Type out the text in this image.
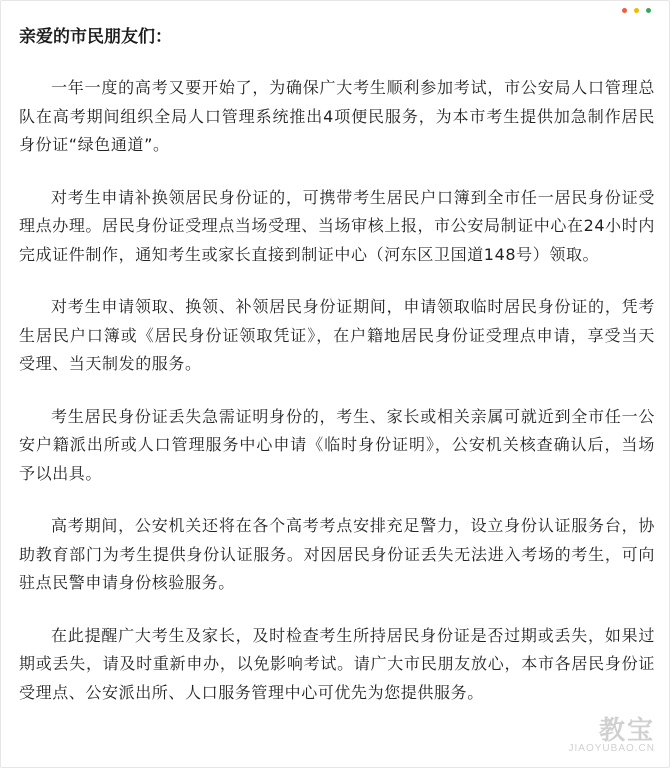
亲爱的市民朋友们：

一年一度的高考又要开始了，为确保广大考生顺利参加考试，市公安局人口管理总队在高考期间组织全局人口管理系统推出4项便民服务，为本市考生提供加急制作居民身份证“绿色通道”。

对考生申请补换领居民身份证的，可携带考生居民户口簿到全市任一居民身份证受理点办理。居民身份证受理点当场受理、当场审核上报，市公安局制证中心在24小时内完成证件制作，通知考生或家长直接到制证中心（河东区卫国道148号）领取。

对考生申请领取、换领、补领居民身份证期间，申请领取临时居民身份证的，凭考生居民户口簿或《居民身份证领取凭证》，在户籍地居民身份证受理点申请，享受当天受理、当天制发的服务。

考生居民身份证丢失急需证明身份的，考生、家长或相关亲属可就近到全市任一公安户籍派出所或人口管理服务中心申请《临时身份证明》，公安机关核查确认后，当场予以出具。

高考期间，公安机关还将在各个高考考点安排充足警力，设立身份认证服务台，协助教育部门为考生提供身份认证服务。对因居民身份证丢失无法进入考场的考生，可向驻点民警申请身份核验服务。

在此提醒广大考生及家长，及时检查考生所持居民身份证是否过期或丢失，如果过期或丢失，请及时重新申办，以免影响考试。请广大市民朋友放心，本市各居民身份证受理点、公安派出所、人口服务管理中心可优先为您提供服务。

教宝
JIAOYUBAO.CN
